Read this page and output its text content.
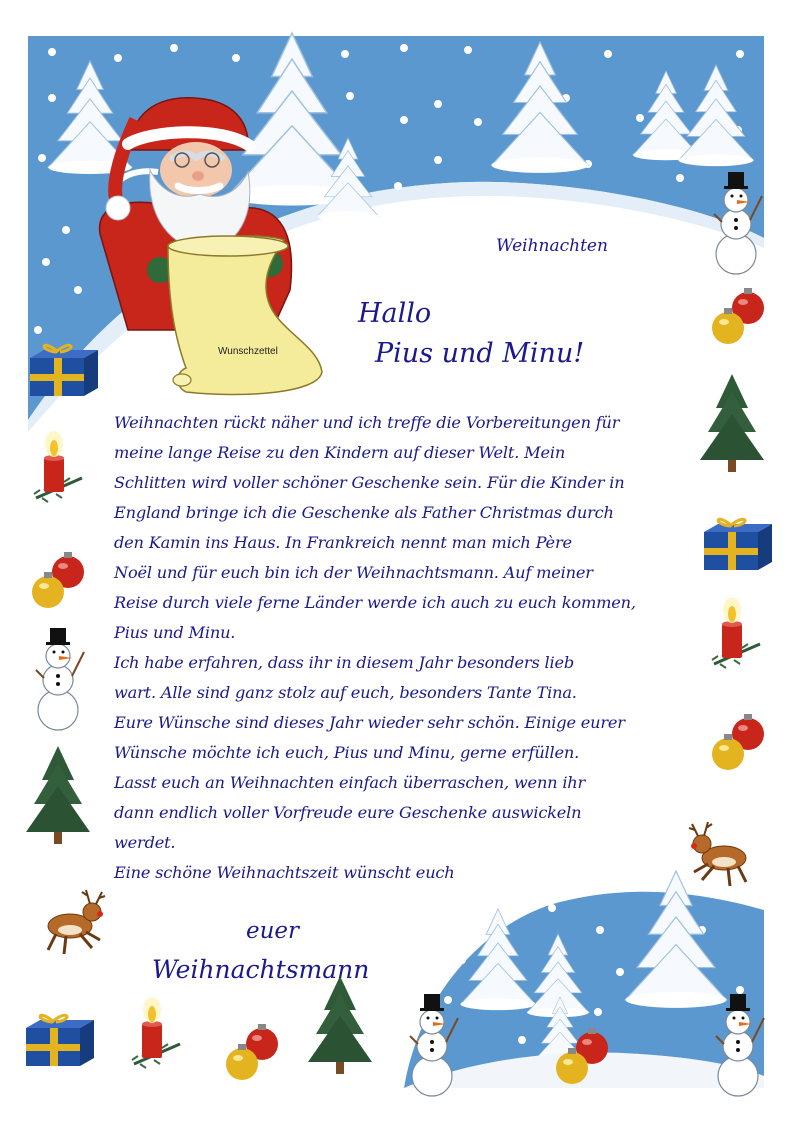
Weihnachten
Wunschzettel
Hallo
Pius und Minu!
Weihnachten rückt näher und ich treffe die Vorbereitungen für
meine lange Reise zu den Kindern auf dieser Welt. Mein
Schlitten wird voller schöner Geschenke sein. Für die Kinder in
England bringe ich die Geschenke als Father Christmas durch
den Kamin ins Haus. In Frankreich nennt man mich Père
Noël und für euch bin ich der Weihnachtsmann. Auf meiner
Reise durch viele ferne Länder werde ich auch zu euch kommen,
Pius und Minu.
Ich habe erfahren, dass ihr in diesem Jahr besonders lieb
wart. Alle sind ganz stolz auf euch, besonders Tante Tina.
Eure Wünsche sind dieses Jahr wieder sehr schön. Einige eurer
Wünsche möchte ich euch, Pius und Minu, gerne erfüllen.
Lasst euch an Weihnachten einfach überraschen, wenn ihr
dann endlich voller Vorfreude eure Geschenke auswickeln
werdet.
Eine schöne Weihnachtszeit wünscht euch
euer
Weihnachtsmann
